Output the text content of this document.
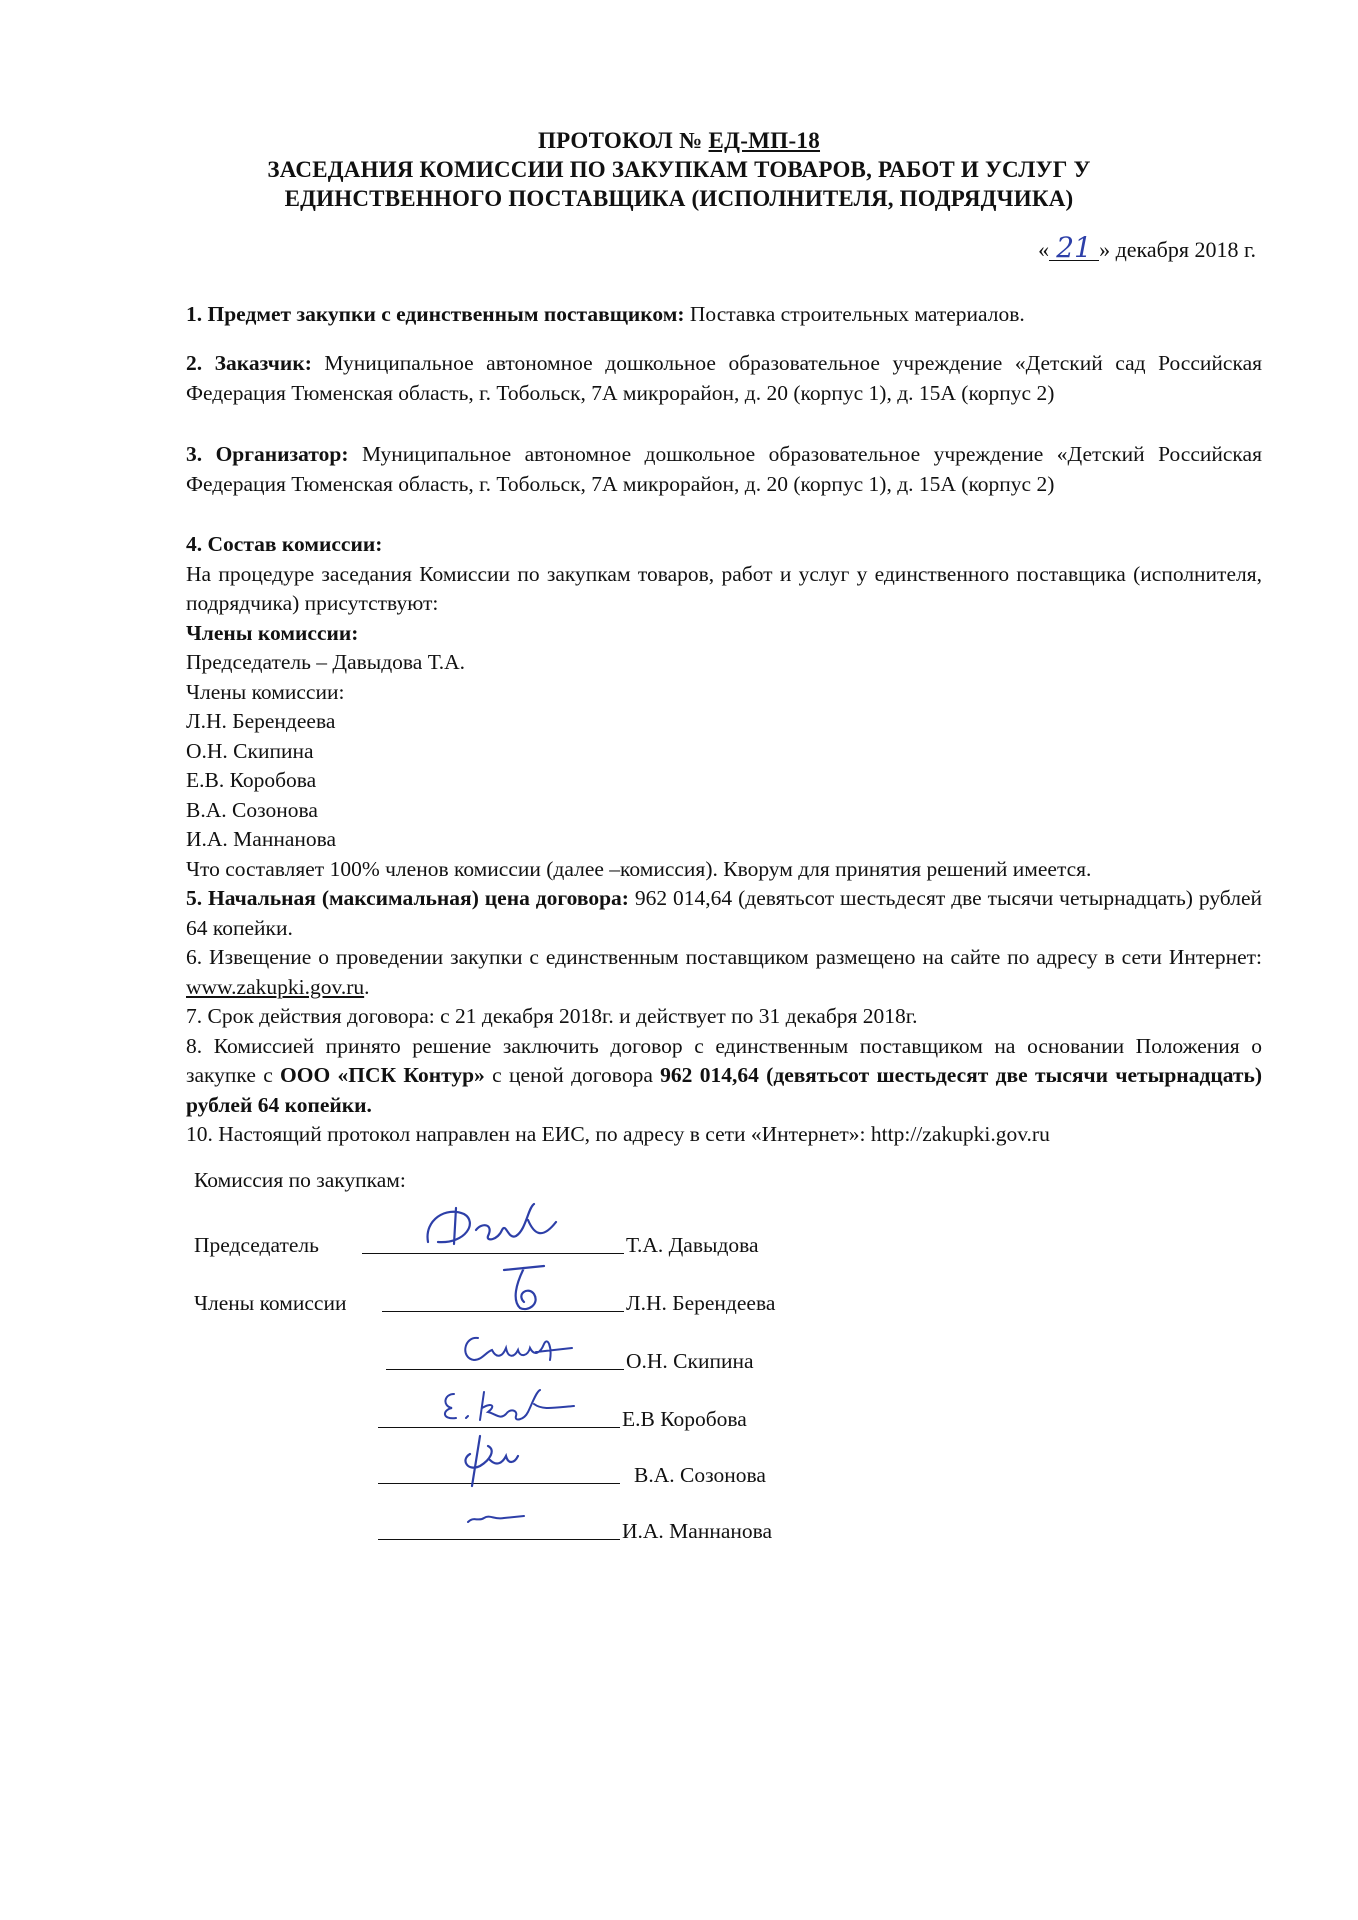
ПРОТОКОЛ № ЕД-МП-18
ЗАСЕДАНИЯ КОМИССИИ ПО ЗАКУПКАМ ТОВАРОВ, РАБОТ И УСЛУГ У
ЕДИНСТВЕННОГО ПОСТАВЩИКА (ИСПОЛНИТЕЛЯ, ПОДРЯДЧИКА)
« 21 » декабря 2018 г.

1. Предмет закупки с единственным поставщиком: Поставка строительных материалов.

2. Заказчик: Муниципальное автономное дошкольное образовательное учреждение «Детский сад Российская Федерация Тюменская область, г. Тобольск, 7А микрорайон, д. 20 (корпус 1), д. 15А (корпус 2)

3. Организатор: Муниципальное автономное дошкольное образовательное учреждение «Детский Российская Федерация Тюменская область, г. Тобольск, 7А микрорайон, д. 20 (корпус 1), д. 15А (корпус 2)

4. Состав комиссии:

На процедуре заседания Комиссии по закупкам товаров, работ и услуг у единственного поставщика (исполнителя, подрядчика) присутствуют:

Члены комиссии:

Председатель – Давыдова Т.А.

Члены комиссии:

Л.Н. Берендеева

О.Н. Скипина

Е.В. Коробова

В.А. Созонова

И.А. Маннанова

Что составляет 100% членов комиссии (далее –комиссия). Кворум для принятия решений имеется.

5. Начальная (максимальная) цена договора: 962 014,64 (девятьсот шестьдесят две тысячи четырнадцать) рублей 64 копейки.

6. Извещение о проведении закупки с единственным поставщиком размещено на сайте по адресу в сети Интернет: www.zakupki.gov.ru.

7. Срок действия договора: с 21 декабря 2018г. и действует по 31 декабря 2018г.

8. Комиссией принято решение заключить договор с единственным поставщиком на основании Положения о закупке с ООО «ПСК Контур» с ценой договора 962 014,64 (девятьсот шестьдесят две тысячи четырнадцать) рублей 64 копейки.

10. Настоящий протокол направлен на ЕИС, по адресу в сети «Интернет»: http://zakupki.gov.ru

Комиссия по закупкам:
Председатель	Т.А. Давыдова
Члены комиссии	Л.Н. Берендеева
О.Н. Скипина
Е.В Коробова
В.А. Созонова
И.А. Маннанова
